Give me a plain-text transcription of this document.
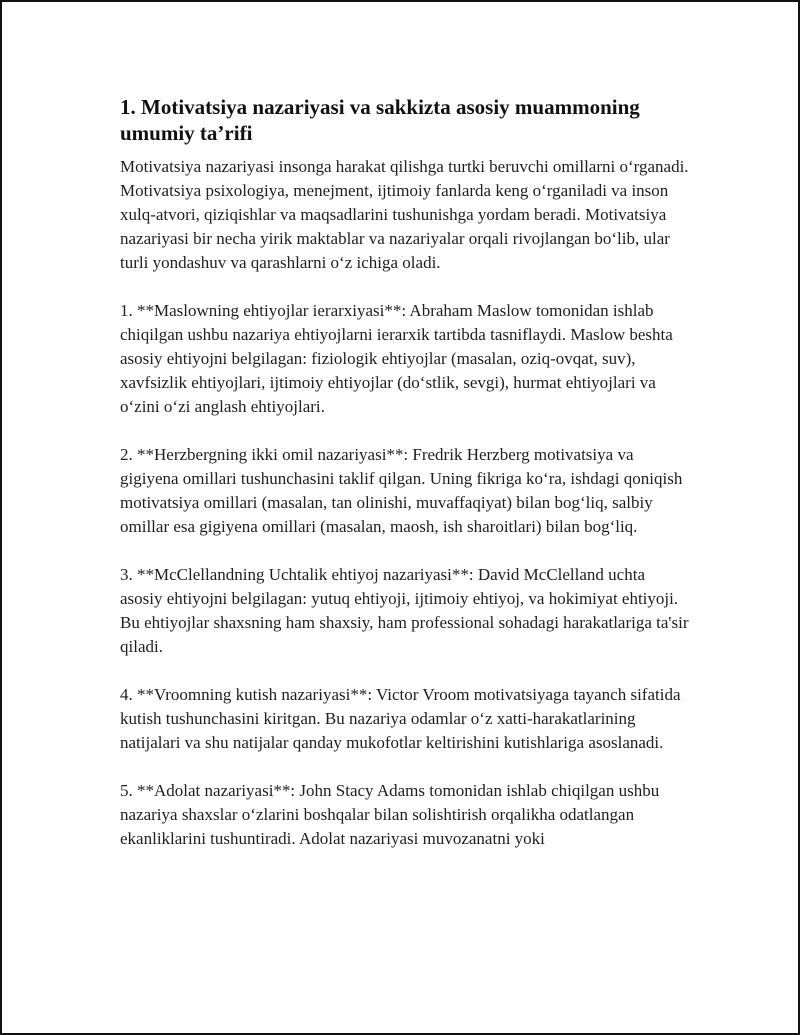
1. Motivatsiya nazariyasi va sakkizta asosiy muammoning umumiy ta’rifi

Motivatsiya nazariyasi insonga harakat qilishga turtki beruvchi omillarni o‘rganadi. Motivatsiya psixologiya, menejment, ijtimoiy fanlarda keng o‘rganiladi va inson xulq-atvori, qiziqishlar va maqsadlarini tushunishga yordam beradi. Motivatsiya nazariyasi bir necha yirik maktablar va nazariyalar orqali rivojlangan bo‘lib, ular turli yondashuv va qarashlarni o‘z ichiga oladi.

1. **Maslowning ehtiyojlar ierarxiyasi**: Abraham Maslow tomonidan ishlab chiqilgan ushbu nazariya ehtiyojlarni ierarxik tartibda tasniflaydi. Maslow beshta asosiy ehtiyojni belgilagan: fiziologik ehtiyojlar (masalan, oziq-ovqat, suv), xavfsizlik ehtiyojlari, ijtimoiy ehtiyojlar (do‘stlik, sevgi), hurmat ehtiyojlari va o‘zini o‘zi anglash ehtiyojlari.

2. **Herzbergning ikki omil nazariyasi**: Fredrik Herzberg motivatsiya va gigiyena omillari tushunchasini taklif qilgan. Uning fikriga ko‘ra, ishdagi qoniqish motivatsiya omillari (masalan, tan olinishi, muvaffaqiyat) bilan bog‘liq, salbiy omillar esa gigiyena omillari (masalan, maosh, ish sharoitlari) bilan bog‘liq.

3. **McClellandning Uchtalik ehtiyoj nazariyasi**: David McClelland uchta asosiy ehtiyojni belgilagan: yutuq ehtiyoji, ijtimoiy ehtiyoj, va hokimiyat ehtiyoji. Bu ehtiyojlar shaxsning ham shaxsiy, ham professional sohadagi harakatlariga ta'sir qiladi.

4. **Vroomning kutish nazariyasi**: Victor Vroom motivatsiyaga tayanch sifatida kutish tushunchasini kiritgan. Bu nazariya odamlar o‘z xatti-harakatlarining natijalari va shu natijalar qanday mukofotlar keltirishini kutishlariga asoslanadi.

5. **Adolat nazariyasi**: John Stacy Adams tomonidan ishlab chiqilgan ushbu nazariya shaxslar o‘zlarini boshqalar bilan solishtirish orqalikha odatlangan ekanliklarini tushuntiradi. Adolat nazariyasi muvozanatni yoki
